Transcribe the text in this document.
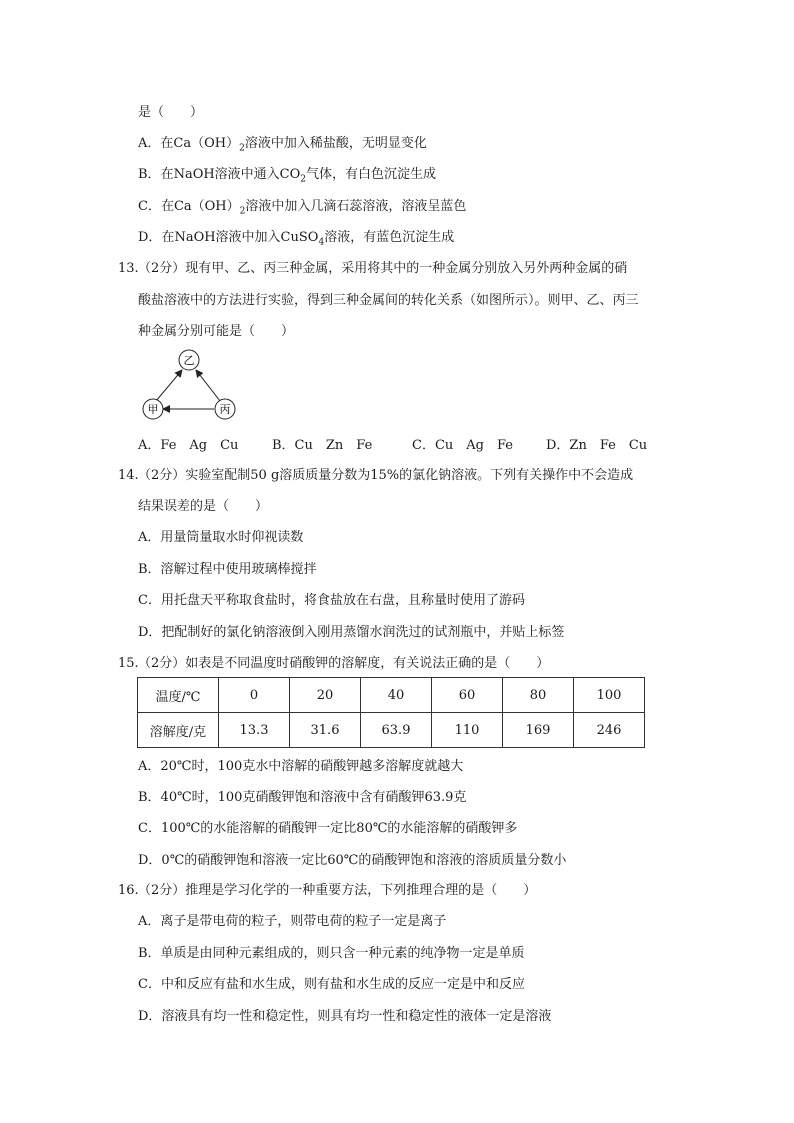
是（　　）
A．在$Ca(OH)_2$溶液中加入稀盐酸，无明显变化
B．在NaOH溶液中通入$CO_2$气体，有白色沉淀生成
C．在$Ca(OH)_2$溶液中加入几滴石蕊溶液，溶液呈蓝色
D．在NaOH溶液中加入CuSO$_4$溶液，有蓝色沉淀生成
13. （2分）现有甲、乙、丙三种金属，采用将其中的一种金属分别放入另外两种金属的硝
酸盐溶液中的方法进行实验，得到三种金属间的转化关系（如图所示）。则甲、乙、丙三
种金属分别可能是（　　）
乙
甲	丙
A．Fe　Ag　Cu	B．Cu　Zn　Fe	C．Cu　Ag　Fe	D．Zn　Fe　Cu
14. （2分）实验室配制50 g溶质质量分数为15%的氯化钠溶液。下列有关操作中不会造成
结果误差的是（　　）
A．用量筒量取水时仰视读数
B．溶解过程中使用玻璃棒搅拌
C．用托盘天平称取食盐时，将食盐放在右盘，且称量时使用了游码
D．把配制好的氯化钠溶液倒入刚用蒸馏水润洗过的试剂瓶中，并贴上标签
15. （2分）如表是不同温度时硝酸钾的溶解度，有关说法正确的是（　　）
温度/℃	0	20	40	60	80	100
溶解度/克	13.3	31.6	63.9	110	169	246
A．20℃时，100克水中溶解的硝酸钾越多溶解度就越大
B．40℃时，100克硝酸钾饱和溶液中含有硝酸钾63.9克
C．100℃的水能溶解的硝酸钾一定比80℃的水能溶解的硝酸钾多
D．0℃的硝酸钾饱和溶液一定比60℃的硝酸钾饱和溶液的溶质质量分数小
16. （2分）推理是学习化学的一种重要方法，下列推理合理的是（　　）
A．离子是带电荷的粒子，则带电荷的粒子一定是离子
B．单质是由同种元素组成的，则只含一种元素的纯净物一定是单质
C．中和反应有盐和水生成，则有盐和水生成的反应一定是中和反应
D．溶液具有均一性和稳定性，则具有均一性和稳定性的液体一定是溶液
